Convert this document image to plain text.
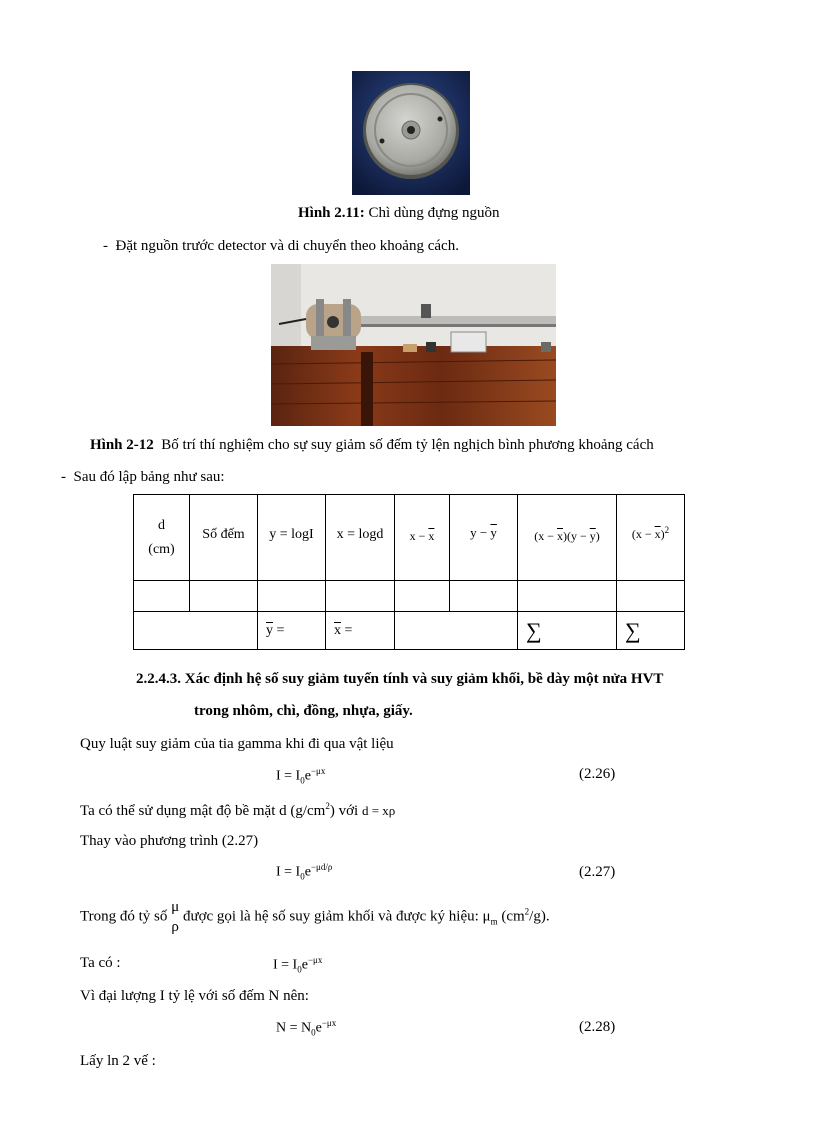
Hình 2.11: Chì dùng đựng nguồn
- Đặt nguồn trước detector và di chuyển theo khoảng cách.
Hình 2-12 Bố trí thí nghiệm cho sự suy giảm số đếm tỷ lện nghịch bình phương khoảng cách
- Sau đó lập bảng như sau:
d
(cm)	Số đếm	y = logI	x = logd	$x - \overline{x}$	$y - \overline{y}$	$(x - \overline{x})(y - \overline{y})$	$(x - \overline{x})^2$

		$\overline{y}$ =	$\overline{x}$ =			∑	∑
2.2.4.3. Xác định hệ số suy giảm tuyến tính và suy giảm khối, bề dày một nửa HVT
trong nhôm, chì, đồng, nhựa, giấy.
Quy luật suy giảm của tia gamma khi đi qua vật liệu
$I = I_0e^{-\mu x}$	(2.26)
Ta có thể sử dụng mật độ bề mặt d $(g/cm^2)$ với d = xρ
Thay vào phương trình (2.27)
$I = I_0e^{-\mu d/\rho}$	(2.27)
Trong đó tỷ số
μ
ρ
được gọi là hệ số suy giảm khối và được ký hiệu: $\mu_m$ $(cm^2/g)$.
Ta có :	$I = I_0e^{-\mu x}$
Vì đại lượng I tỷ lệ với số đếm N nên:
$N = N_0e^{-\mu x}$	(2.28)
Lấy ln 2 vế :
